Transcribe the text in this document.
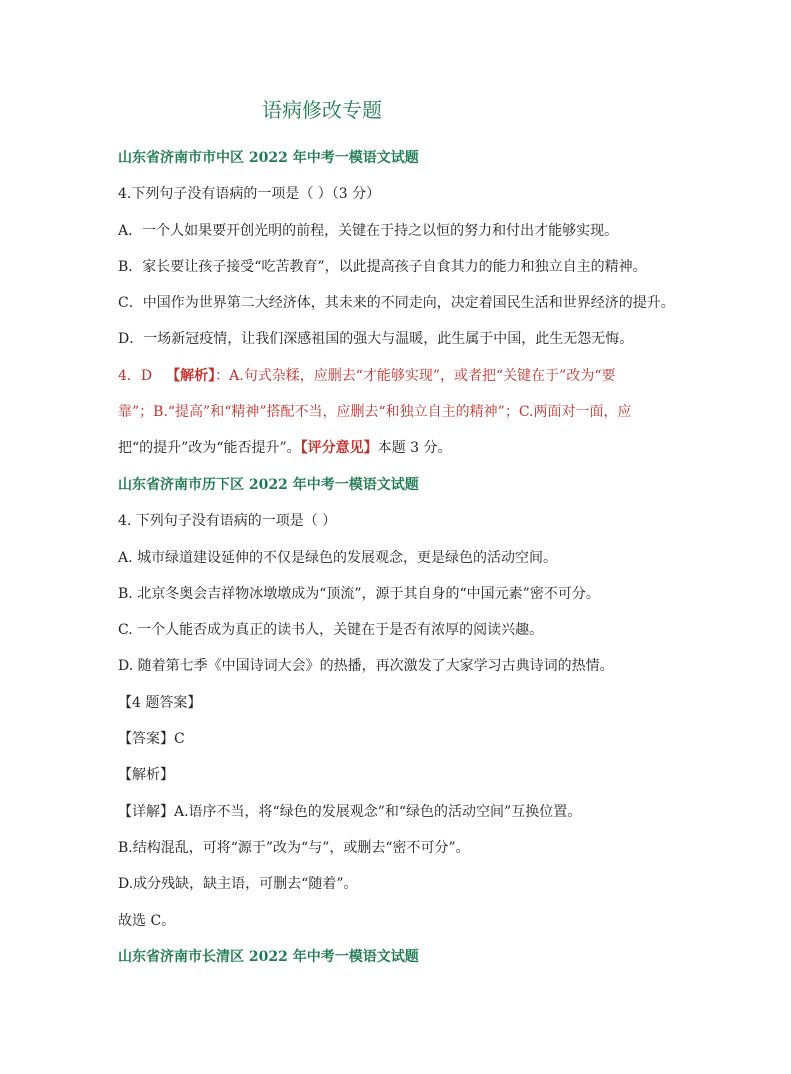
语病修改专题
山东省济南市市中区 2022 年中考一模语文试题
4.下列句子没有语病的一项是（ ）（3 分）
A．一个人如果要开创光明的前程，关键在于持之以恒的努力和付出才能够实现。
B．家长要让孩子接受“吃苦教育”，以此提高孩子自食其力的能力和独立自主的精神。
C．中国作为世界第二大经济体，其未来的不同走向，决定着国民生活和世界经济的提升。
D．一场新冠疫情，让我们深感祖国的强大与温暖，此生属于中国，此生无怨无悔。
4．D 【解析】：A.句式杂糅，应删去“才能够实现”，或者把“关键在于”改为“要
靠”；B.“提高”和“精神”搭配不当，应删去“和独立自主的精神”；C.两面对一面，应
把“的提升”改为“能否提升”。【评分意见】本题 3 分。
山东省济南市历下区 2022 年中考一模语文试题
4. 下列句子没有语病的一项是（ ）
A. 城市绿道建设延伸的不仅是绿色的发展观念，更是绿色的活动空间。
B. 北京冬奥会吉祥物冰墩墩成为“顶流”，源于其自身的“中国元素”密不可分。
C. 一个人能否成为真正的读书人，关键在于是否有浓厚的阅读兴趣。
D. 随着第七季《中国诗词大会》的热播，再次激发了大家学习古典诗词的热情。
【4 题答案】
【答案】C
【解析】
【详解】A.语序不当，将“绿色的发展观念”和“绿色的活动空间”互换位置。
B.结构混乱，可将“源于”改为“与”，或删去“密不可分”。
D.成分残缺，缺主语，可删去“随着”。
故选 C。
山东省济南市长清区 2022 年中考一模语文试题
